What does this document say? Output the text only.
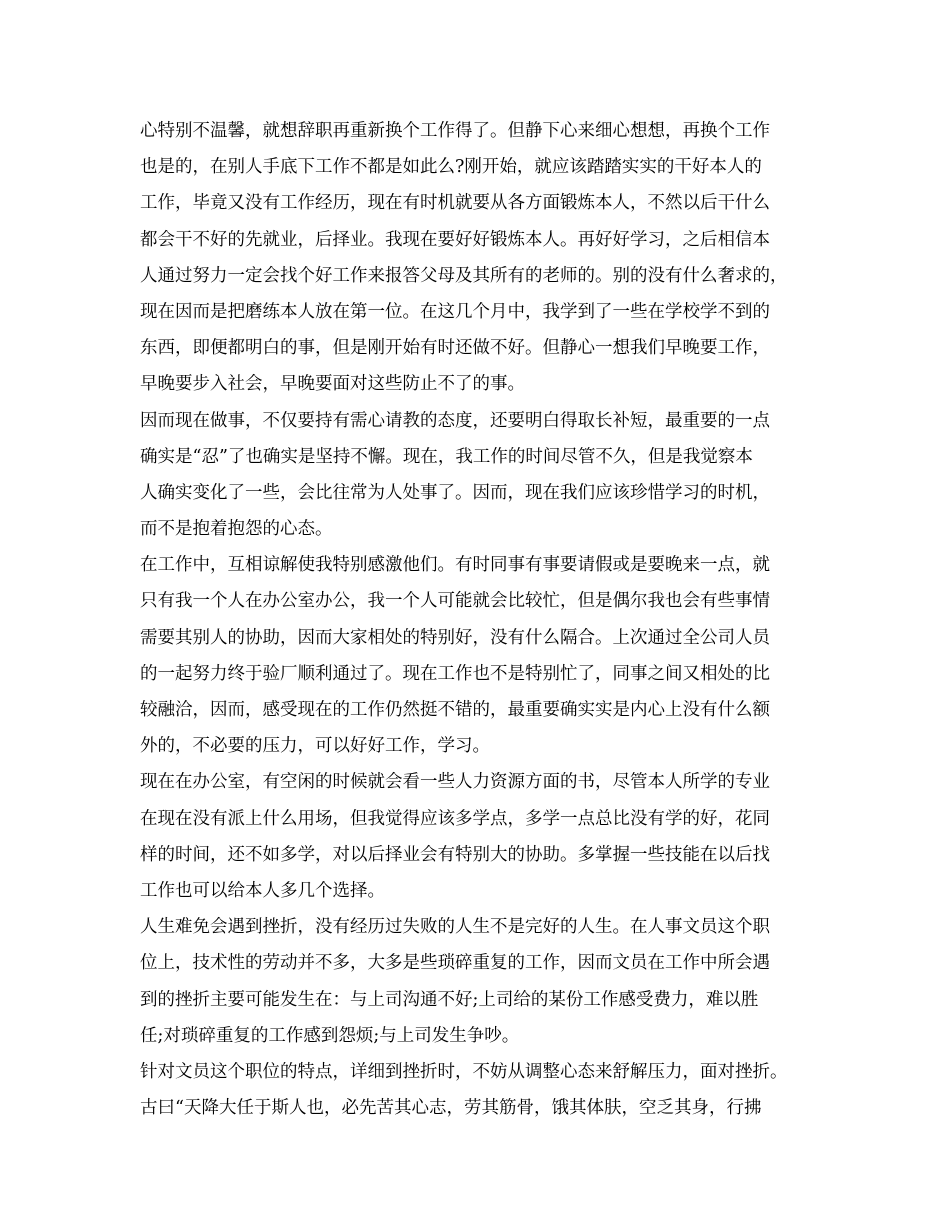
心特别不温馨，就想辞职再重新换个工作得了。但静下心来细心想想，再换个工作
也是的，在别人手底下工作不都是如此么?刚开始，就应该踏踏实实的干好本人的
工作，毕竟又没有工作经历，现在有时机就要从各方面锻炼本人，不然以后干什么
都会干不好的先就业，后择业。我现在要好好锻炼本人。再好好学习，之后相信本
人通过努力一定会找个好工作来报答父母及其所有的老师的。别的没有什么奢求的，
现在因而是把磨练本人放在第一位。在这几个月中，我学到了一些在学校学不到的
东西，即便都明白的事，但是刚开始有时还做不好。但静心一想我们早晚要工作，
早晚要步入社会，早晚要面对这些防止不了的事。
因而现在做事，不仅要持有需心请教的态度，还要明白得取长补短，最重要的一点
确实是“忍”了也确实是坚持不懈。现在，我工作的时间尽管不久，但是我觉察本
人确实变化了一些，会比往常为人处事了。因而，现在我们应该珍惜学习的时机，
而不是抱着抱怨的心态。
在工作中，互相谅解使我特别感激他们。有时同事有事要请假或是要晚来一点，就
只有我一个人在办公室办公，我一个人可能就会比较忙，但是偶尔我也会有些事情
需要其别人的协助，因而大家相处的特别好，没有什么隔合。上次通过全公司人员
的一起努力终于验厂顺利通过了。现在工作也不是特别忙了，同事之间又相处的比
较融洽，因而，感受现在的工作仍然挺不错的，最重要确实实是内心上没有什么额
外的，不必要的压力，可以好好工作，学习。
现在在办公室，有空闲的时候就会看一些人力资源方面的书，尽管本人所学的专业
在现在没有派上什么用场，但我觉得应该多学点，多学一点总比没有学的好，花同
样的时间，还不如多学，对以后择业会有特别大的协助。多掌握一些技能在以后找
工作也可以给本人多几个选择。
人生难免会遇到挫折，没有经历过失败的人生不是完好的人生。在人事文员这个职
位上，技术性的劳动并不多，大多是些琐碎重复的工作，因而文员在工作中所会遇
到的挫折主要可能发生在：与上司沟通不好;上司给的某份工作感受费力，难以胜
任;对琐碎重复的工作感到怨烦;与上司发生争吵。
针对文员这个职位的特点，详细到挫折时，不妨从调整心态来舒解压力，面对挫折。
古曰“天降大任于斯人也，必先苦其心志，劳其筋骨，饿其体肤，空乏其身，行拂
